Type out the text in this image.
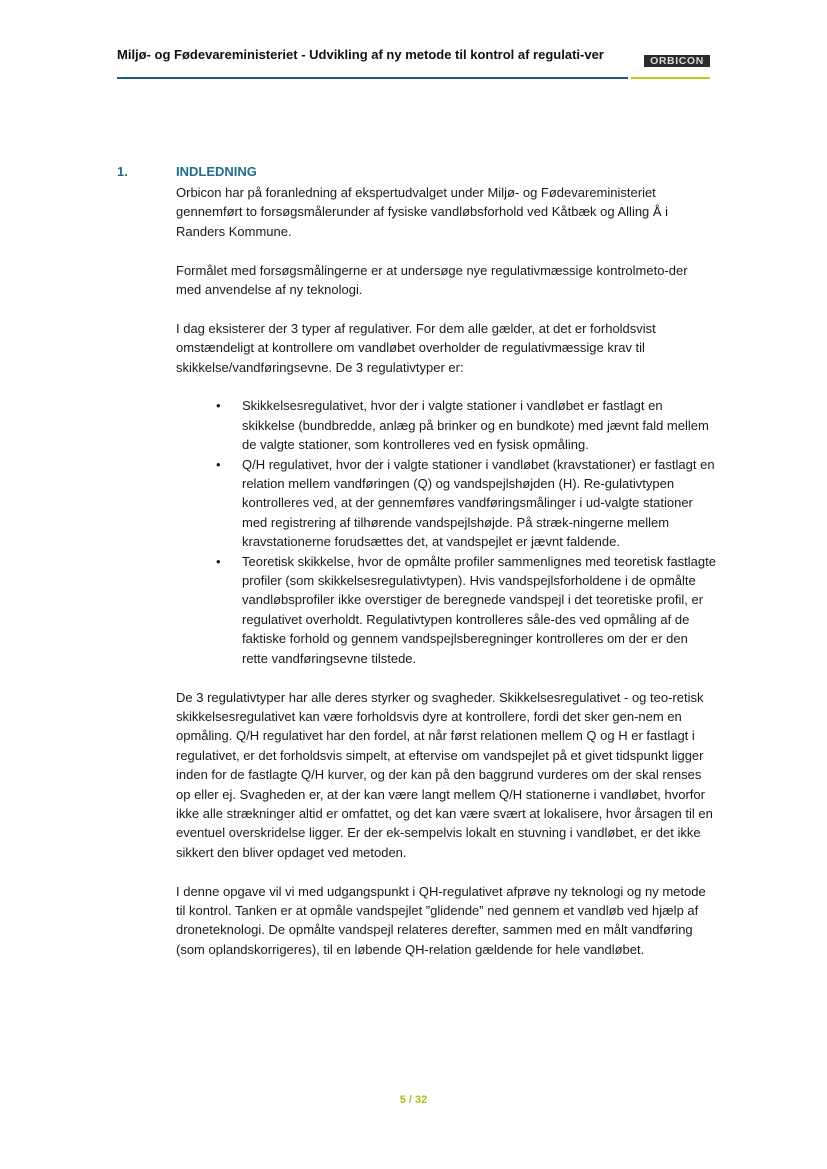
Miljø- og Fødevareministeriet - Udvikling af ny metode til kontrol af regulati-ver	ORBICON
1.	INDLEDNING

Orbicon har på foranledning af ekspertudvalget under Miljø- og Fødevareministeriet gennemført to forsøgsmålerunder af fysiske vandløbsforhold ved Kåtbæk og Alling Å i Randers Kommune.

Formålet med forsøgsmålingerne er at undersøge nye regulativmæssige kontrolmeto-der med anvendelse af ny teknologi.

I dag eksisterer der 3 typer af regulativer. For dem alle gælder, at det er forholdsvist omstændeligt at kontrollere om vandløbet overholder de regulativmæssige krav til skikkelse/vandføringsevne. De 3 regulativtyper er:

• Skikkelsesregulativet, hvor der i valgte stationer i vandløbet er fastlagt en skikkelse (bundbredde, anlæg på brinker og en bundkote) med jævnt fald mellem de valgte stationer, som kontrolleres ved en fysisk opmåling.
• Q/H regulativet, hvor der i valgte stationer i vandløbet (kravstationer) er fastlagt en relation mellem vandføringen (Q) og vandspejlshøjden (H). Re-gulativtypen kontrolleres ved, at der gennemføres vandføringsmålinger i ud-valgte stationer med registrering af tilhørende vandspejlshøjde. På stræk-ningerne mellem kravstationerne forudsættes det, at vandspejlet er jævnt faldende.
• Teoretisk skikkelse, hvor de opmålte profiler sammenlignes med teoretisk fastlagte profiler (som skikkelsesregulativtypen). Hvis vandspejlsforholdene i de opmålte vandløbsprofiler ikke overstiger de beregnede vandspejl i det teoretiske profil, er regulativet overholdt. Regulativtypen kontrolleres såle-des ved opmåling af de faktiske forhold og gennem vandspejlsberegninger kontrolleres om der er den rette vandføringsevne tilstede.

De 3 regulativtyper har alle deres styrker og svagheder. Skikkelsesregulativet - og teo-retisk skikkelsesregulativet kan være forholdsvis dyre at kontrollere, fordi det sker gen-nem en opmåling. Q/H regulativet har den fordel, at når først relationen mellem Q og H er fastlagt i regulativet, er det forholdsvis simpelt, at eftervise om vandspejlet på et givet tidspunkt ligger inden for de fastlagte Q/H kurver, og der kan på den baggrund vurderes om der skal renses op eller ej. Svagheden er, at der kan være langt mellem Q/H stationerne i vandløbet, hvorfor ikke alle strækninger altid er omfattet, og det kan være svært at lokalisere, hvor årsagen til en eventuel overskridelse ligger. Er der ek-sempelvis lokalt en stuvning i vandløbet, er det ikke sikkert den bliver opdaget ved metoden.

I denne opgave vil vi med udgangspunkt i QH-regulativet afprøve ny teknologi og ny metode til kontrol. Tanken er at opmåle vandspejlet ”glidende” ned gennem et vandløb ved hjælp af droneteknologi. De opmålte vandspejl relateres derefter, sammen med en målt vandføring (som oplandskorrigeres), til en løbende QH-relation gældende for hele vandløbet.

5 / 32
